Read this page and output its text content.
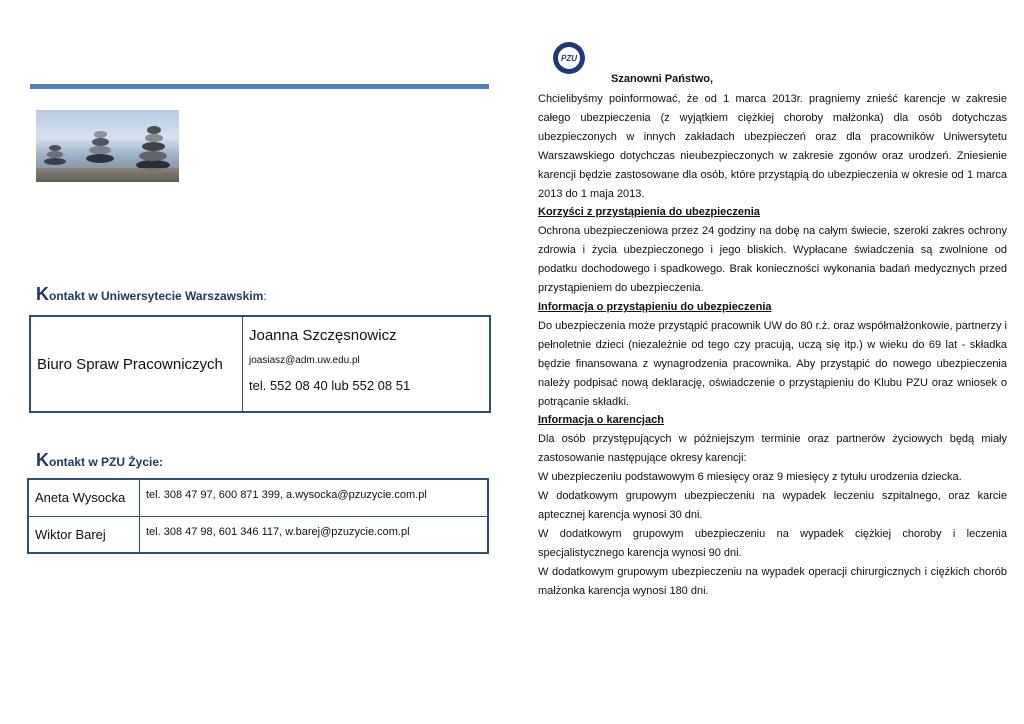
Kontakt w Uniwersytecie Warszawskim:
Biuro Spraw Pracowniczych
Joanna Szczęsnowicz
joasiasz@adm.uw.edu.pl
tel. 552 08 40 lub 552 08 51
Kontakt w PZU Życie:
Aneta Wysocka	tel. 308 47 97, 600 871 399, a.wysocka@pzuzycie.com.pl
Wiktor Barej	tel. 308 47 98, 601 346 117, w.barej@pzuzycie.com.pl
PZU
Szanowni Państwo,

Chcielibyśmy poinformować, że od 1 marca 2013r. pragniemy znieść karencje w zakresie całego ubezpieczenia (z wyjątkiem ciężkiej choroby małżonka) dla osób dotychczas ubezpieczonych w innych zakładach ubezpieczeń oraz dla pracowników Uniwersytetu Warszawskiego dotychczas nieubezpieczonych w zakresie zgonów oraz urodzeń. Zniesienie karencji będzie zastosowane dla osób, które przystąpią do ubezpieczenia w okresie od 1 marca 2013 do 1 maja 2013.

Korzyści z przystąpienia do ubezpieczenia

Ochrona ubezpieczeniowa przez 24 godziny na dobę na całym świecie, szeroki zakres ochrony zdrowia i życia ubezpieczonego i jego bliskich. Wypłacane świadczenia są zwolnione od podatku dochodowego i spadkowego. Brak konieczności wykonania badań medycznych przed przystąpieniem do ubezpieczenia.

Informacja o przystąpieniu do ubezpieczenia

Do ubezpieczenia może przystąpić pracownik UW do 80 r.ż. oraz współmałżonkowie, partnerzy i pełnoletnie dzieci (niezależnie od tego czy pracują, uczą się itp.) w wieku do 69 lat - składka będzie finansowana z wynagrodzenia pracownika. Aby przystąpić do nowego ubezpieczenia należy podpisać nową deklarację, oświadczenie o przystąpieniu do Klubu PZU oraz wniosek o potrącanie składki.

Informacja o karencjach

Dla osób przystępujących w późniejszym terminie oraz partnerów życiowych będą miały zastosowanie następujące okresy karencji:

W ubezpieczeniu podstawowym 6 miesięcy oraz 9 miesięcy z tytułu urodzenia dziecka.

W dodatkowym grupowym ubezpieczeniu na wypadek leczeniu szpitalnego, oraz karcie aptecznej karencja wynosi 30 dni.

W dodatkowym grupowym ubezpieczeniu na wypadek ciężkiej choroby i leczenia specjalistycznego karencja wynosi 90 dni.

W dodatkowym grupowym ubezpieczeniu na wypadek operacji chirurgicznych i ciężkich chorób małżonka karencja wynosi 180 dni.
